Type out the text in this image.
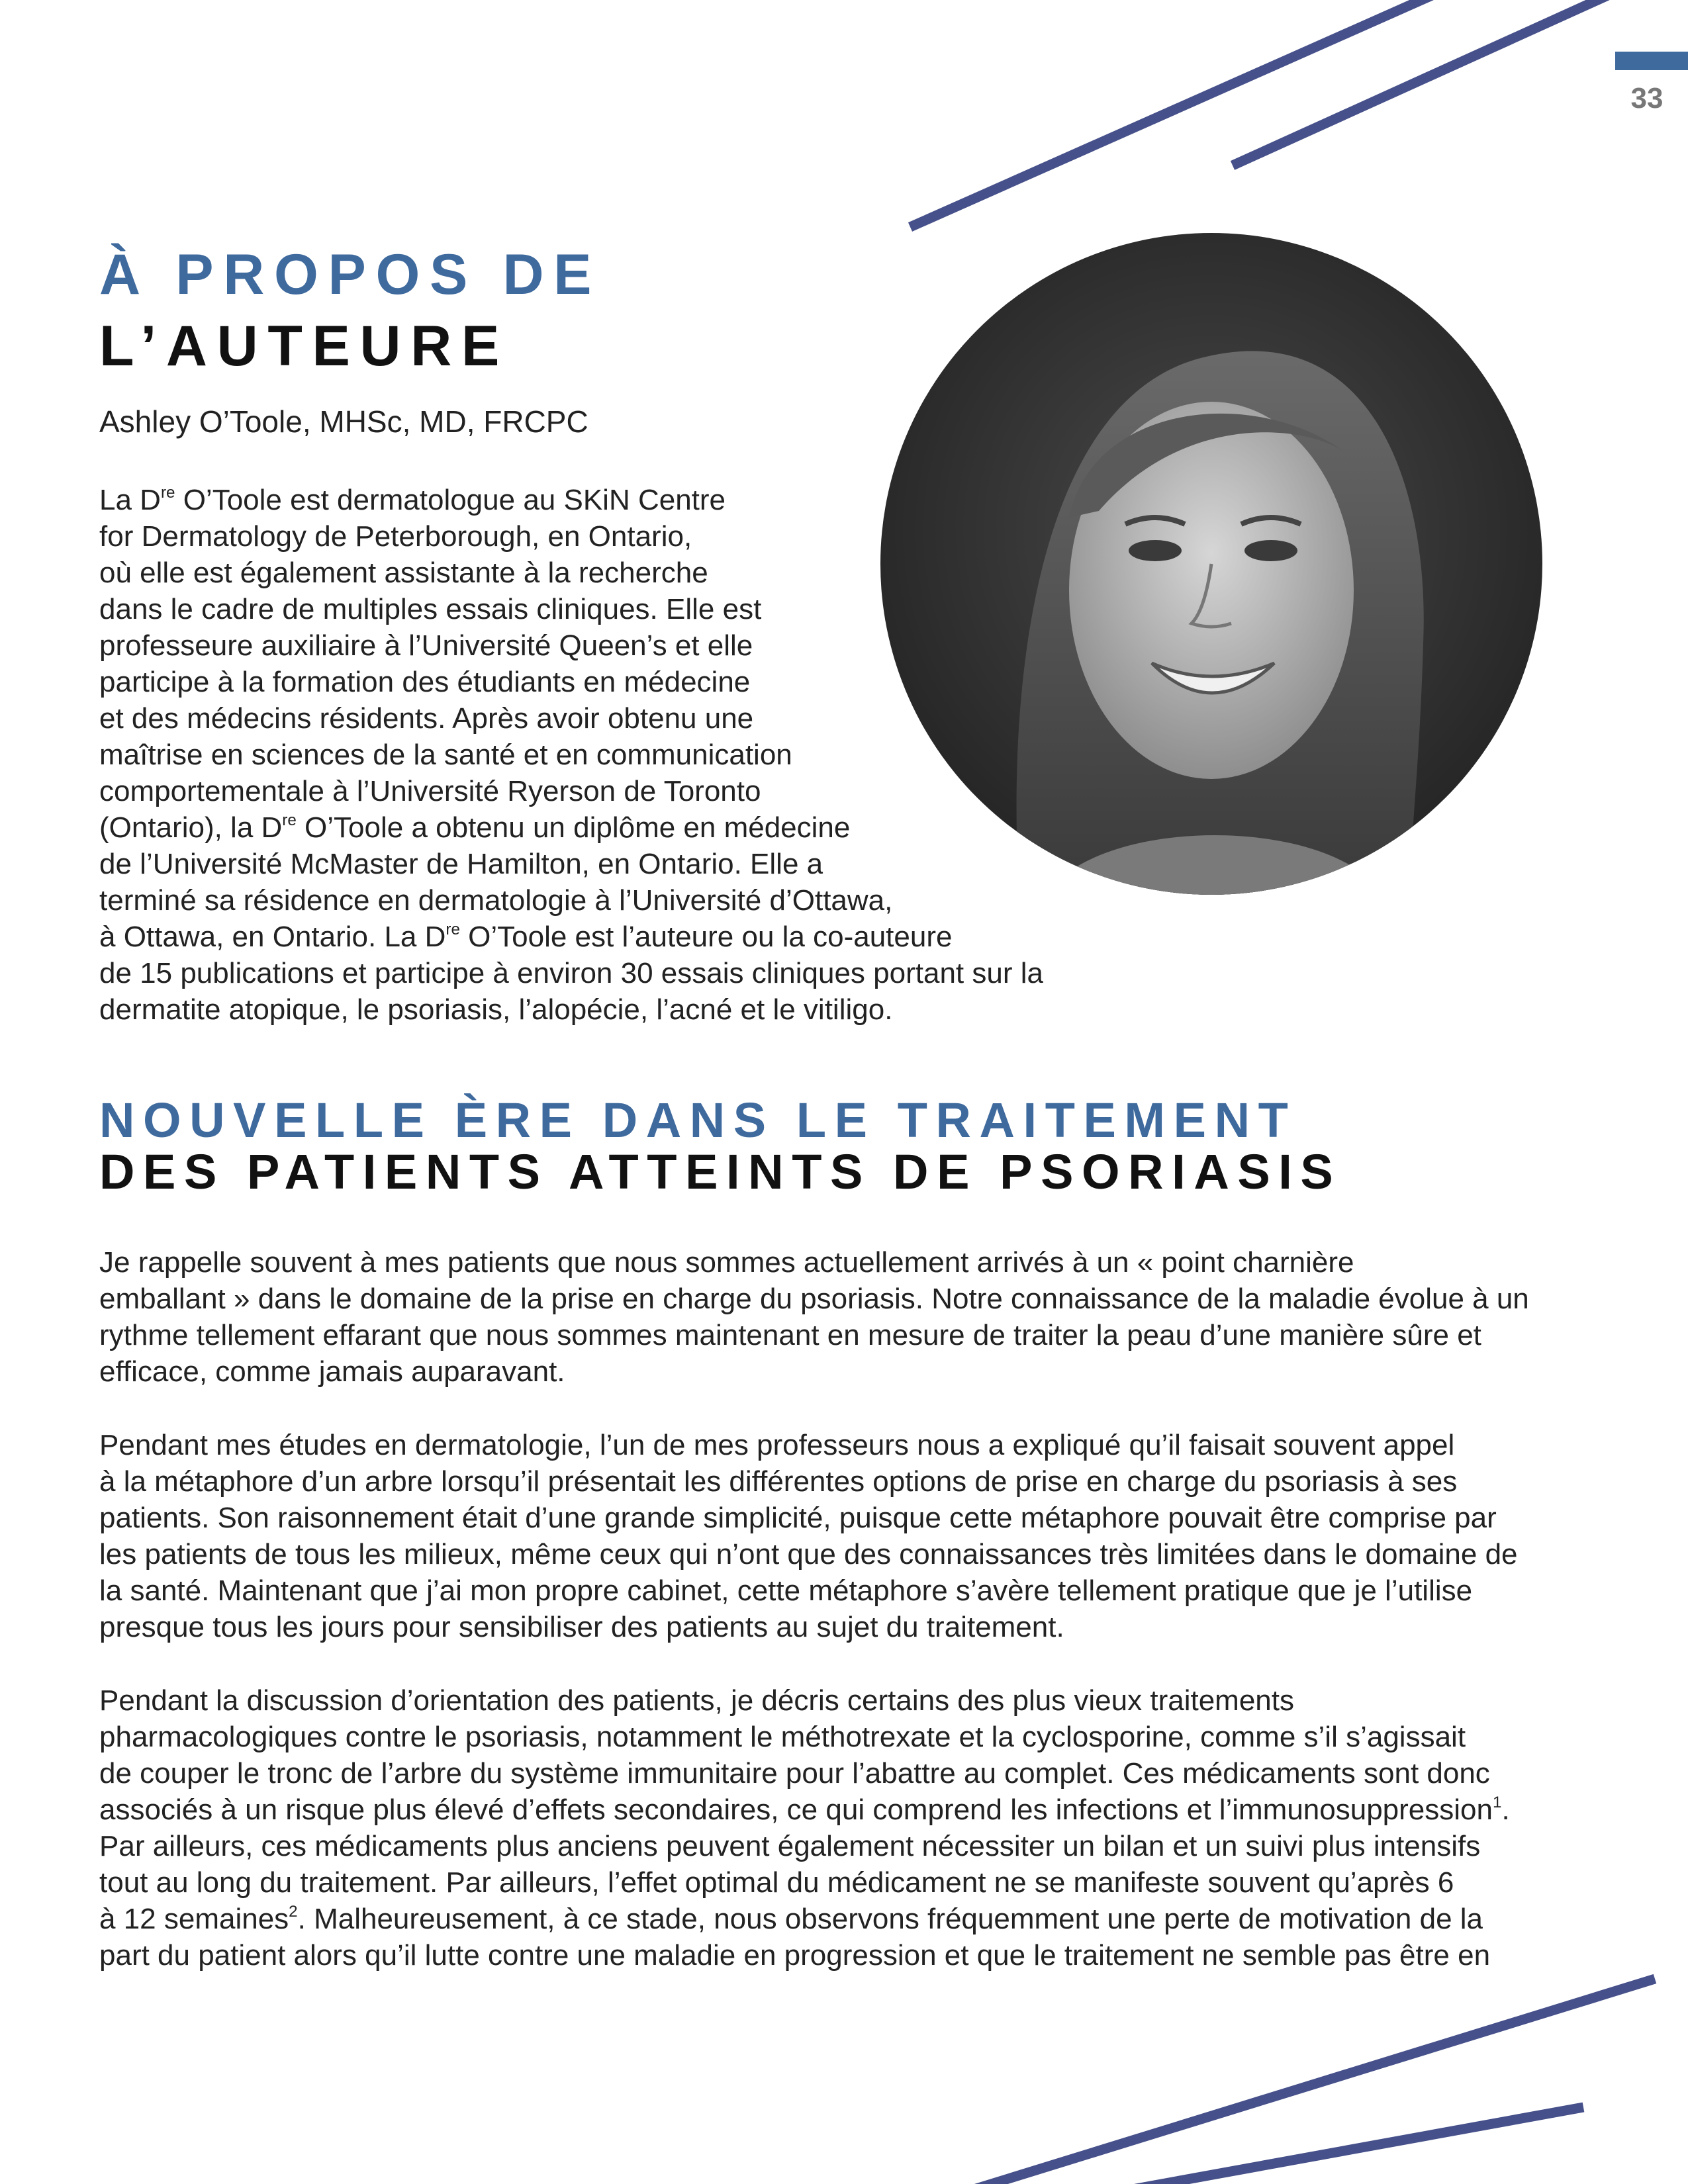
33
À PROPOS DE
L’AUTEURE
Ashley O’Toole, MHSc, MD, FRCPC
La Dre O’Toole est dermatologue au SKiN Centre
for Dermatology de Peterborough, en Ontario,
où elle est également assistante à la recherche
dans le cadre de multiples essais cliniques. Elle est
professeure auxiliaire à l’Université Queen’s et elle
participe à la formation des étudiants en médecine
et des médecins résidents. Après avoir obtenu une
maîtrise en sciences de la santé et en communication
comportementale à l’Université Ryerson de Toronto
(Ontario), la Dre O’Toole a obtenu un diplôme en médecine
de l’Université McMaster de Hamilton, en Ontario. Elle a
terminé sa résidence en dermatologie à l’Université d’Ottawa,
à Ottawa, en Ontario. La Dre O’Toole est l’auteure ou la co-auteure
de 15 publications et participe à environ 30 essais cliniques portant sur la
dermatite atopique, le psoriasis, l’alopécie, l’acné et le vitiligo.
NOUVELLE ÈRE DANS LE TRAITEMENT
DES PATIENTS ATTEINTS DE PSORIASIS
Je rappelle souvent à mes patients que nous sommes actuellement arrivés à un « point charnière
emballant » dans le domaine de la prise en charge du psoriasis. Notre connaissance de la maladie évolue à un
rythme tellement effarant que nous sommes maintenant en mesure de traiter la peau d’une manière sûre et
efficace, comme jamais auparavant.
Pendant mes études en dermatologie, l’un de mes professeurs nous a expliqué qu’il faisait souvent appel
à la métaphore d’un arbre lorsqu’il présentait les différentes options de prise en charge du psoriasis à ses
patients. Son raisonnement était d’une grande simplicité, puisque cette métaphore pouvait être comprise par
les patients de tous les milieux, même ceux qui n’ont que des connaissances très limitées dans le domaine de
la santé. Maintenant que j’ai mon propre cabinet, cette métaphore s’avère tellement pratique que je l’utilise
presque tous les jours pour sensibiliser des patients au sujet du traitement.
Pendant la discussion d’orientation des patients, je décris certains des plus vieux traitements
pharmacologiques contre le psoriasis, notamment le méthotrexate et la cyclosporine, comme s’il s’agissait
de couper le tronc de l’arbre du système immunitaire pour l’abattre au complet. Ces médicaments sont donc
associés à un risque plus élevé d’effets secondaires, ce qui comprend les infections et l’immunosuppression$^1$.
Par ailleurs, ces médicaments plus anciens peuvent également nécessiter un bilan et un suivi plus intensifs
tout au long du traitement. Par ailleurs, l’effet optimal du médicament ne se manifeste souvent qu’après 6
à 12 semaines$^2$. Malheureusement, à ce stade, nous observons fréquemment une perte de motivation de la
part du patient alors qu’il lutte contre une maladie en progression et que le traitement ne semble pas être en
